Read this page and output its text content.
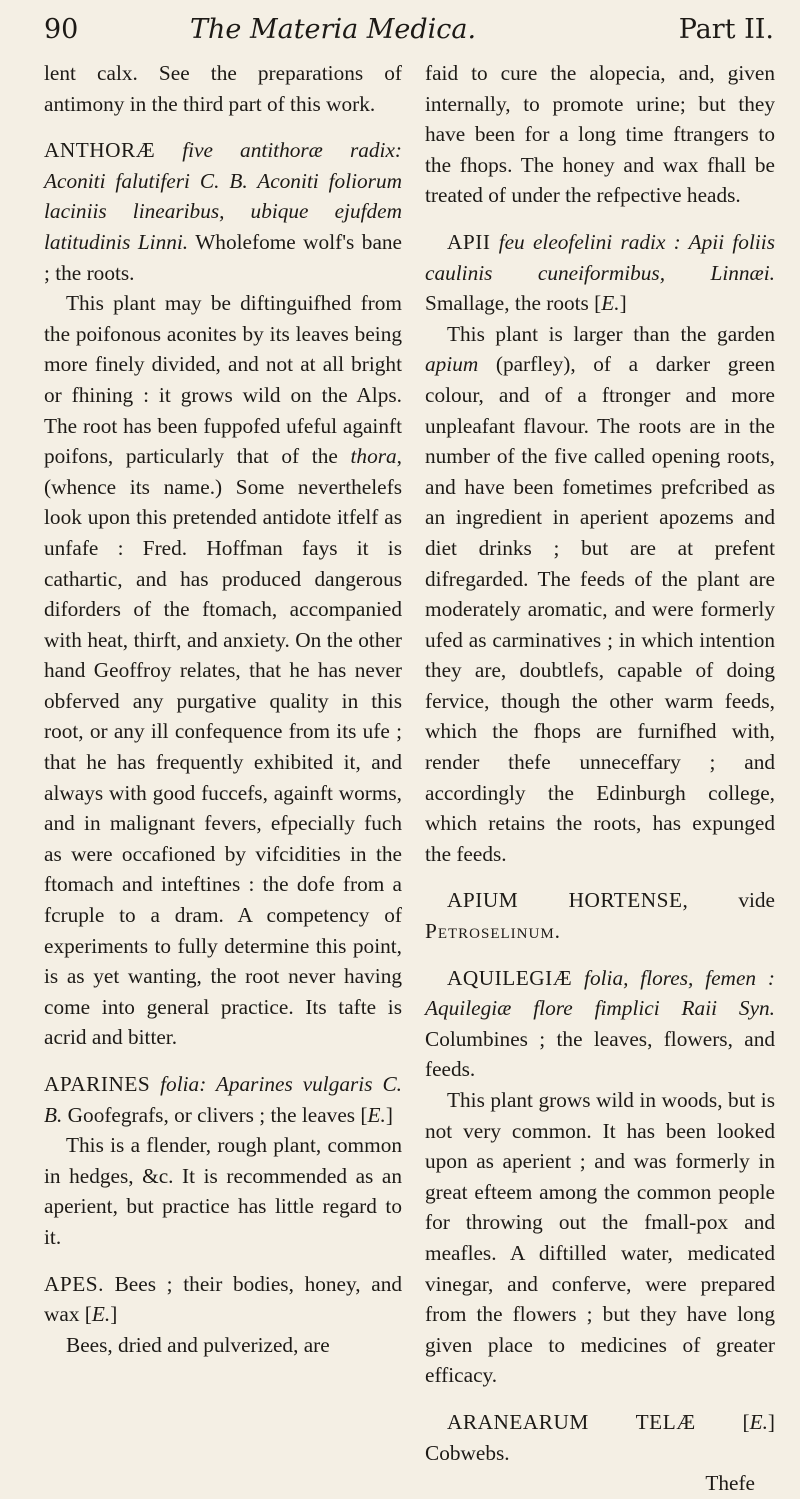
90	The Materia Medica.	Part II.

lent calx. See the preparations of antimony in the third part of this work.

ANTHORÆ five antithoræ radix: Aconiti falutiferi C. B. Aconiti foliorum laciniis linearibus, ubique ejufdem latitudinis Linni. Wholefome wolf's bane ; the roots.

This plant may be diftinguifhed from the poifonous aconites by its leaves being more finely divided, and not at all bright or fhining : it grows wild on the Alps. The root has been fuppofed ufeful againft poifons, particularly that of the thora, (whence its name.) Some neverthelefs look upon this pretended antidote itfelf as unfafe : Fred. Hoffman fays it is cathartic, and has produced dangerous diforders of the ftomach, accompanied with heat, thirft, and anxiety. On the other hand Geoffroy relates, that he has never obferved any purgative quality in this root, or any ill confequence from its ufe ; that he has frequently exhibited it, and always with good fuccefs, againft worms, and in malignant fevers, efpecially fuch as were occafioned by vifcidities in the ftomach and inteftines : the dofe from a fcruple to a dram. A competency of experiments to fully determine this point, is as yet wanting, the root never having come into general practice. Its tafte is acrid and bitter.

APARINES folia: Aparines vulgaris C. B. Goofegrafs, or clivers ; the leaves [E.]

This is a flender, rough plant, common in hedges, &c. It is recommended as an aperient, but practice has little regard to it.

APES. Bees ; their bodies, honey, and wax [E.]

Bees, dried and pulverized, are

faid to cure the alopecia, and, given internally, to promote urine; but they have been for a long time ftrangers to the fhops. The honey and wax fhall be treated of under the refpective heads.

APII feu eleofelini radix : Apii foliis caulinis cuneiformibus, Linnæi. Smallage, the roots [E.]

This plant is larger than the garden apium (parfley), of a darker green colour, and of a ftronger and more unpleafant flavour. The roots are in the number of the five called opening roots, and have been fometimes prefcribed as an ingredient in aperient apozems and diet drinks ; but are at prefent difregarded. The feeds of the plant are moderately aromatic, and were formerly ufed as carminatives ; in which intention they are, doubtlefs, capable of doing fervice, though the other warm feeds, which the fhops are furnifhed with, render thefe unneceffary ; and accordingly the Edinburgh college, which retains the roots, has expunged the feeds.

APIUM HORTENSE, vide Petroselinum.

AQUILEGIÆ folia, flores, femen : Aquilegiæ flore fimplici Raii Syn. Columbines ; the leaves, flowers, and feeds.

This plant grows wild in woods, but is not very common. It has been looked upon as aperient ; and was formerly in great efteem among the common people for throwing out the fmall-pox and meafles. A diftilled water, medicated vinegar, and conferve, were prepared from the flowers ; but they have long given place to medicines of greater efficacy.

ARANEARUM TELÆ [E.] Cobwebs.

Thefe
